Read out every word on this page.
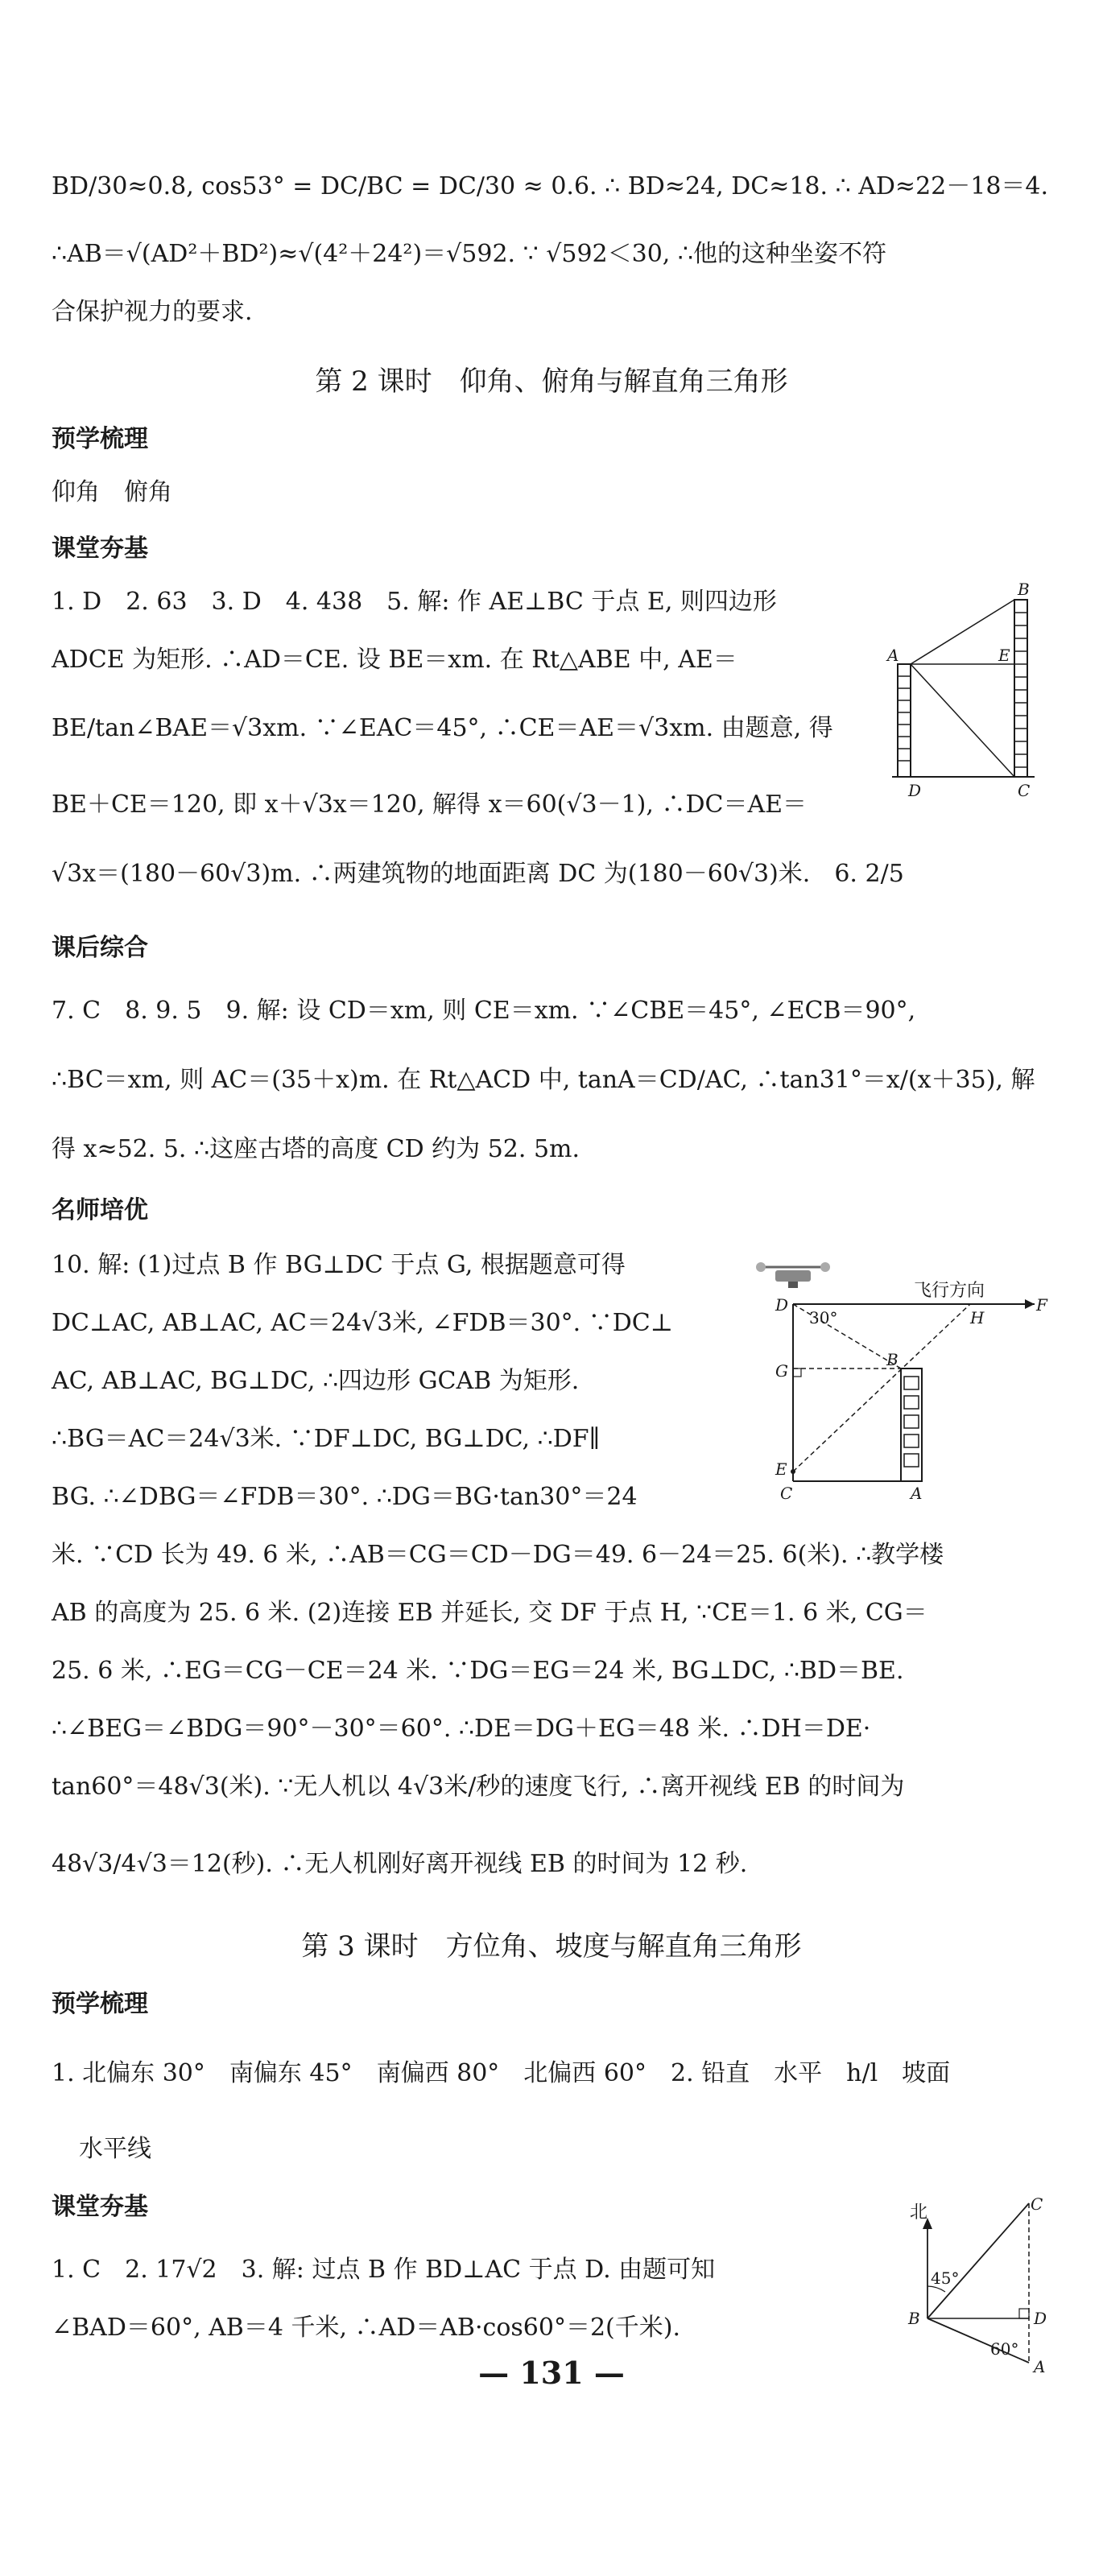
BD/30≈0.8, cos53° = DC/BC = DC/30 ≈ 0.6. ∴ BD≈24, DC≈18. ∴ AD≈22－18＝4.
∴AB＝√(AD²＋BD²)≈√(4²＋24²)＝√592. ∵ √592＜30, ∴他的这种坐姿不符
合保护视力的要求.
第 2 课时　仰角、俯角与解直角三角形
预学梳理
仰角　俯角
课堂夯基
1. D　2. 63　3. D　4. 438　5. 解: 作 AE⊥BC 于点 E, 则四边形
ADCE 为矩形. ∴AD＝CE. 设 BE＝xm. 在 Rt△ABE 中, AE＝
BE/tan∠BAE＝√3xm. ∵∠EAC＝45°, ∴CE＝AE＝√3xm. 由题意, 得
BE＋CE＝120, 即 x＋√3x＝120, 解得 x＝60(√3－1), ∴DC＝AE＝
√3x＝(180－60√3)m. ∴两建筑物的地面距离 DC 为(180－60√3)米.　6. 2/5
课后综合
7. C　8. 9. 5　9. 解: 设 CD＝xm, 则 CE＝xm. ∵∠CBE＝45°, ∠ECB＝90°,
∴BC＝xm, 则 AC＝(35＋x)m. 在 Rt△ACD 中, tanA＝CD/AC, ∴tan31°＝x/(x＋35), 解
得 x≈52. 5. ∴这座古塔的高度 CD 约为 52. 5m.
名师培优
10. 解: (1)过点 B 作 BG⊥DC 于点 G, 根据题意可得
DC⊥AC, AB⊥AC, AC＝24√3米, ∠FDB＝30°. ∵DC⊥
AC, AB⊥AC, BG⊥DC, ∴四边形 GCAB 为矩形.
∴BG＝AC＝24√3米. ∵DF⊥DC, BG⊥DC, ∴DF∥
BG. ∴∠DBG＝∠FDB＝30°. ∴DG＝BG·tan30°＝24
米. ∵CD 长为 49. 6 米, ∴AB＝CG＝CD－DG＝49. 6－24＝25. 6(米). ∴教学楼
AB 的高度为 25. 6 米. (2)连接 EB 并延长, 交 DF 于点 H, ∵CE＝1. 6 米, CG＝
25. 6 米, ∴EG＝CG－CE＝24 米. ∵DG＝EG＝24 米, BG⊥DC, ∴BD＝BE.
∴∠BEG＝∠BDG＝90°－30°＝60°. ∴DE＝DG＋EG＝48 米. ∴DH＝DE·
tan60°＝48√3(米). ∵无人机以 4√3米/秒的速度飞行, ∴离开视线 EB 的时间为
48√3/4√3＝12(秒). ∴无人机刚好离开视线 EB 的时间为 12 秒.
第 3 课时　方位角、坡度与解直角三角形
预学梳理
1. 北偏东 30°　南偏东 45°　南偏西 80°　北偏西 60°　2. 铅直　水平　h/l　坡面
水平线
课堂夯基
1. C　2. 17√2　3. 解: 过点 B 作 BD⊥AC 于点 D. 由题可知
∠BAD＝60°, AB＝4 千米, ∴AD＝AB·cos60°＝2(千米).
— 131 —
A
B
C
D
E
D
G
E
C
B
A
H
F
30°
飞行方向
北
45°
60°
C
B	D
A
